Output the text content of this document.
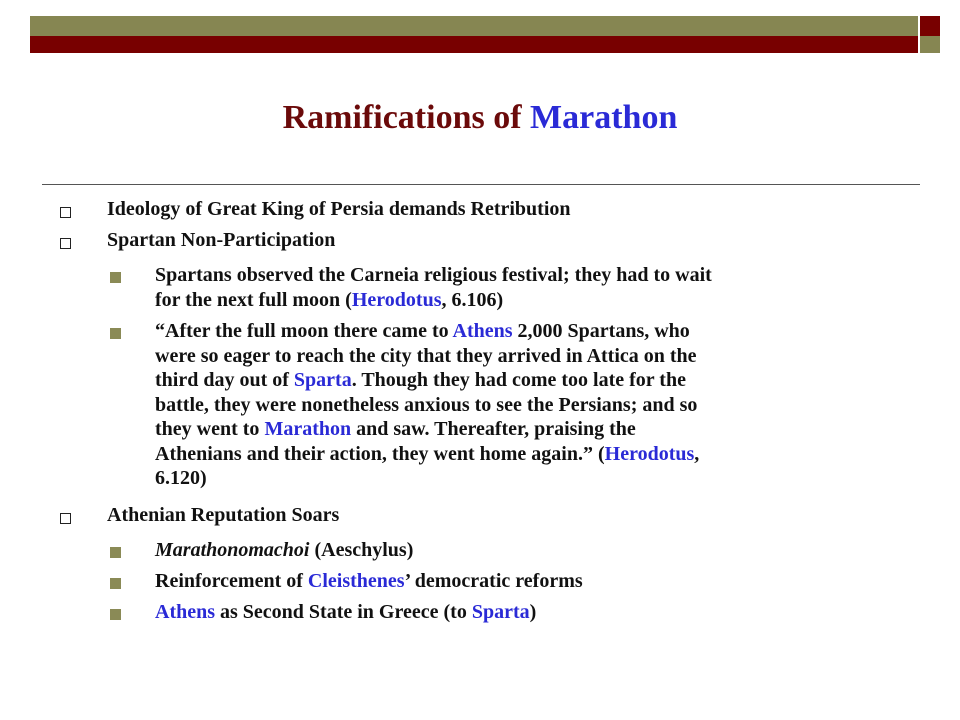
Ramifications of Marathon
Ideology of Great King of Persia demands Retribution
Spartan Non-Participation
Spartans observed the Carneia religious festival; they had to wait
for the next full moon (Herodotus, 6.106)
“After the full moon there came to Athens 2,000 Spartans, who
were so eager to reach the city that they arrived in Attica on the
third day out of Sparta. Though they had come too late for the
battle, they were nonetheless anxious to see the Persians; and so
they went to Marathon and saw. Thereafter, praising the
Athenians and their action, they went home again.” (Herodotus,
6.120)
Athenian Reputation Soars
Marathonomachoi (Aeschylus)
Reinforcement of Cleisthenes’ democratic reforms
Athens as Second State in Greece (to Sparta)
